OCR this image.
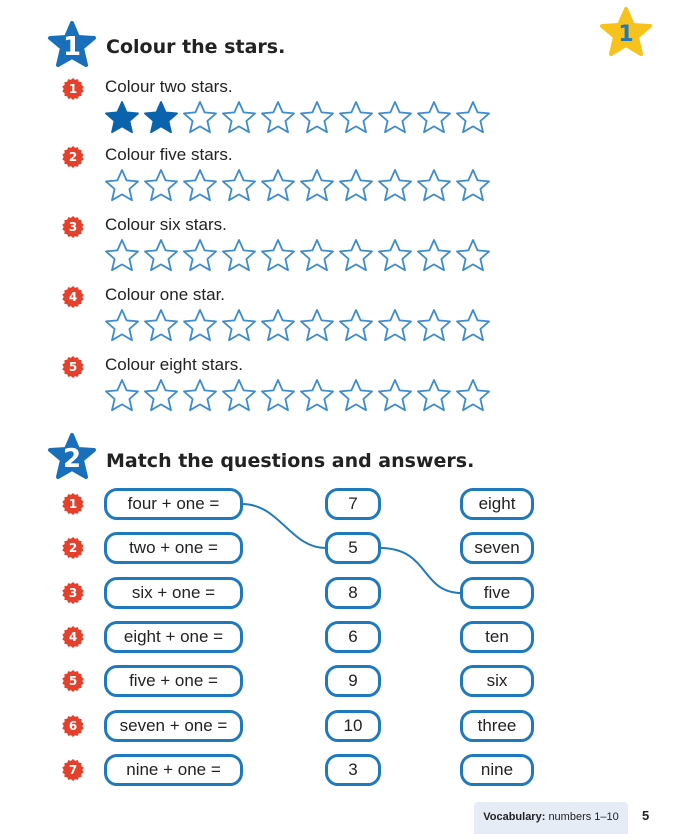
1
1	Colour the stars.
1	Colour two stars.
2	Colour five stars.
3	Colour six stars.
4	Colour one star.
5	Colour eight stars.
2	Match the questions and answers.
1	four + one =	7	eight
2	two + one =	5	seven
3	six + one =	8	five
4	eight + one =	6	ten
5	five + one =	9	six
6	seven + one =	10	three
7	nine + one =	3	nine
Vocabulary: numbers 1–10	5
